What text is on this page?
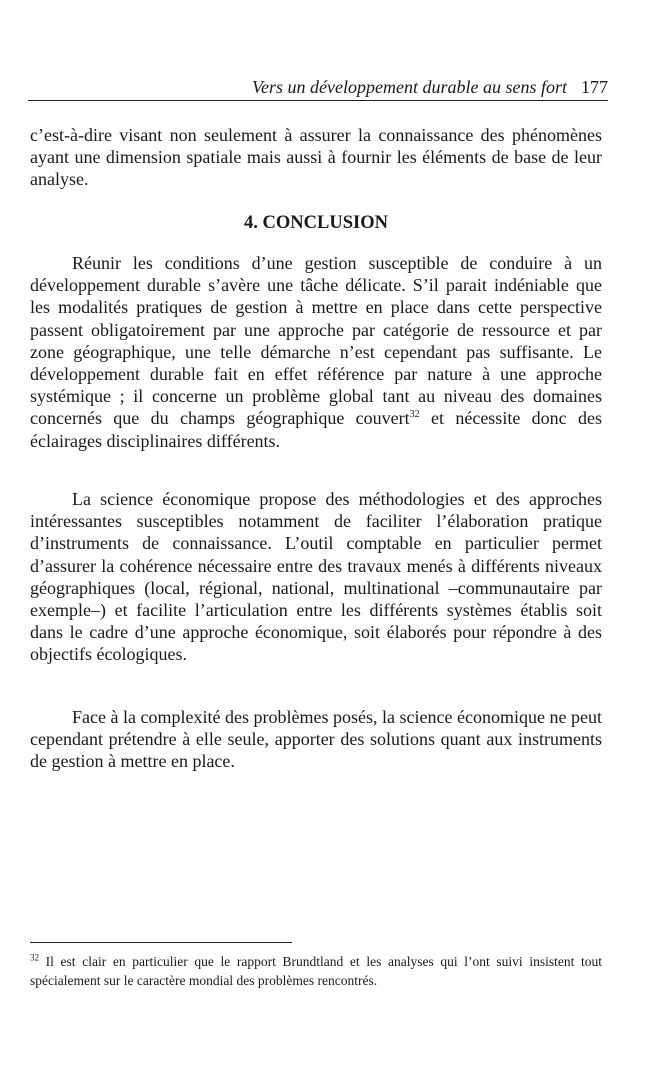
Vers un développement durable au sens fort 177

c’est-à-dire visant non seulement à assurer la connaissance des phénomènes ayant une dimension spatiale mais aussi à fournir les éléments de base de leur analyse.

4. CONCLUSION

Réunir les conditions d’une gestion susceptible de conduire à un développement durable s’avère une tâche délicate. S’il parait indéniable que les modalités pratiques de gestion à mettre en place dans cette perspective passent obligatoirement par une approche par catégorie de ressource et par zone géographique, une telle démarche n’est cependant pas suffisante. Le développement durable fait en effet référence par nature à une approche systémique ; il concerne un problème global tant au niveau des domaines concernés que du champs géographique couvert$^{32}$ et nécessite donc des éclairages disciplinaires différents.

La science économique propose des méthodologies et des approches intéressantes susceptibles notamment de faciliter l’élaboration pratique d’instruments de connaissance. L’outil comptable en particulier permet d’assurer la cohérence nécessaire entre des travaux menés à différents niveaux géographiques (local, régional, national, multinational –communautaire par exemple–) et facilite l’articulation entre les différents systèmes établis soit dans le cadre d’une approche économique, soit élaborés pour répondre à des objectifs écologiques.

Face à la complexité des problèmes posés, la science économique ne peut cependant prétendre à elle seule, apporter des solutions quant aux instruments de gestion à mettre en place.

$^{32}$ Il est clair en particulier que le rapport Brundtland et les analyses qui l’ont suivi insistent tout spécialement sur le caractère mondial des problèmes rencontrés.
